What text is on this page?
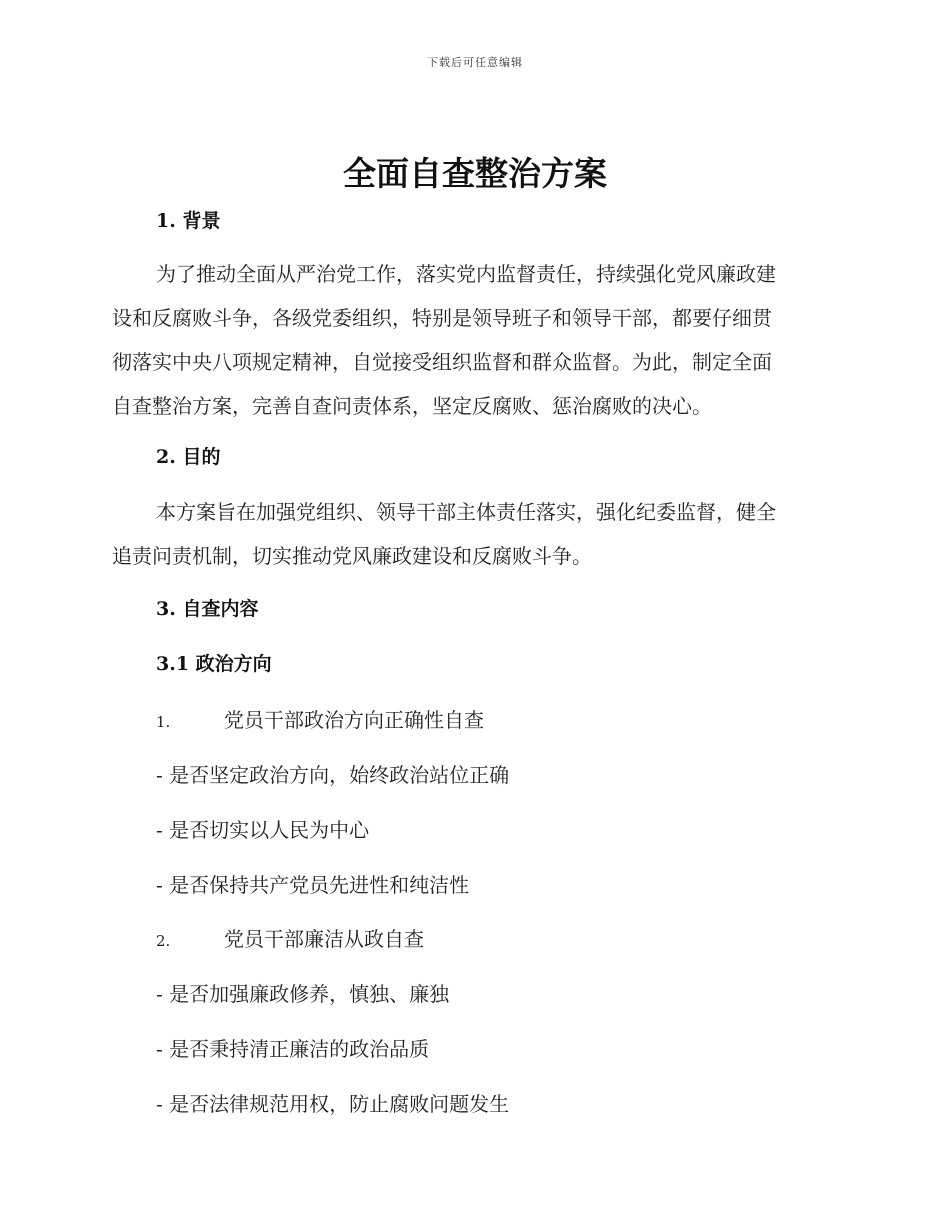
下载后可任意编辑
全面自查整治方案
1. 背景

为了推动全面从严治党工作，落实党内监督责任，持续强化党风廉政建
设和反腐败斗争，各级党委组织，特别是领导班子和领导干部，都要仔细贯
彻落实中央八项规定精神，自觉接受组织监督和群众监督。为此，制定全面
自查整治方案，完善自查问责体系，坚定反腐败、惩治腐败的决心。

2. 目的

本方案旨在加强党组织、领导干部主体责任落实，强化纪委监督，健全
追责问责机制，切实推动党风廉政建设和反腐败斗争。

3. 自查内容
3.1 政治方向
1.	党员干部政治方向正确性自查
- 是否坚定政治方向，始终政治站位正确
- 是否切实以人民为中心
- 是否保持共产党员先进性和纯洁性
2.	党员干部廉洁从政自查
- 是否加强廉政修养，慎独、廉独
- 是否秉持清正廉洁的政治品质
- 是否法律规范用权，防止腐败问题发生
